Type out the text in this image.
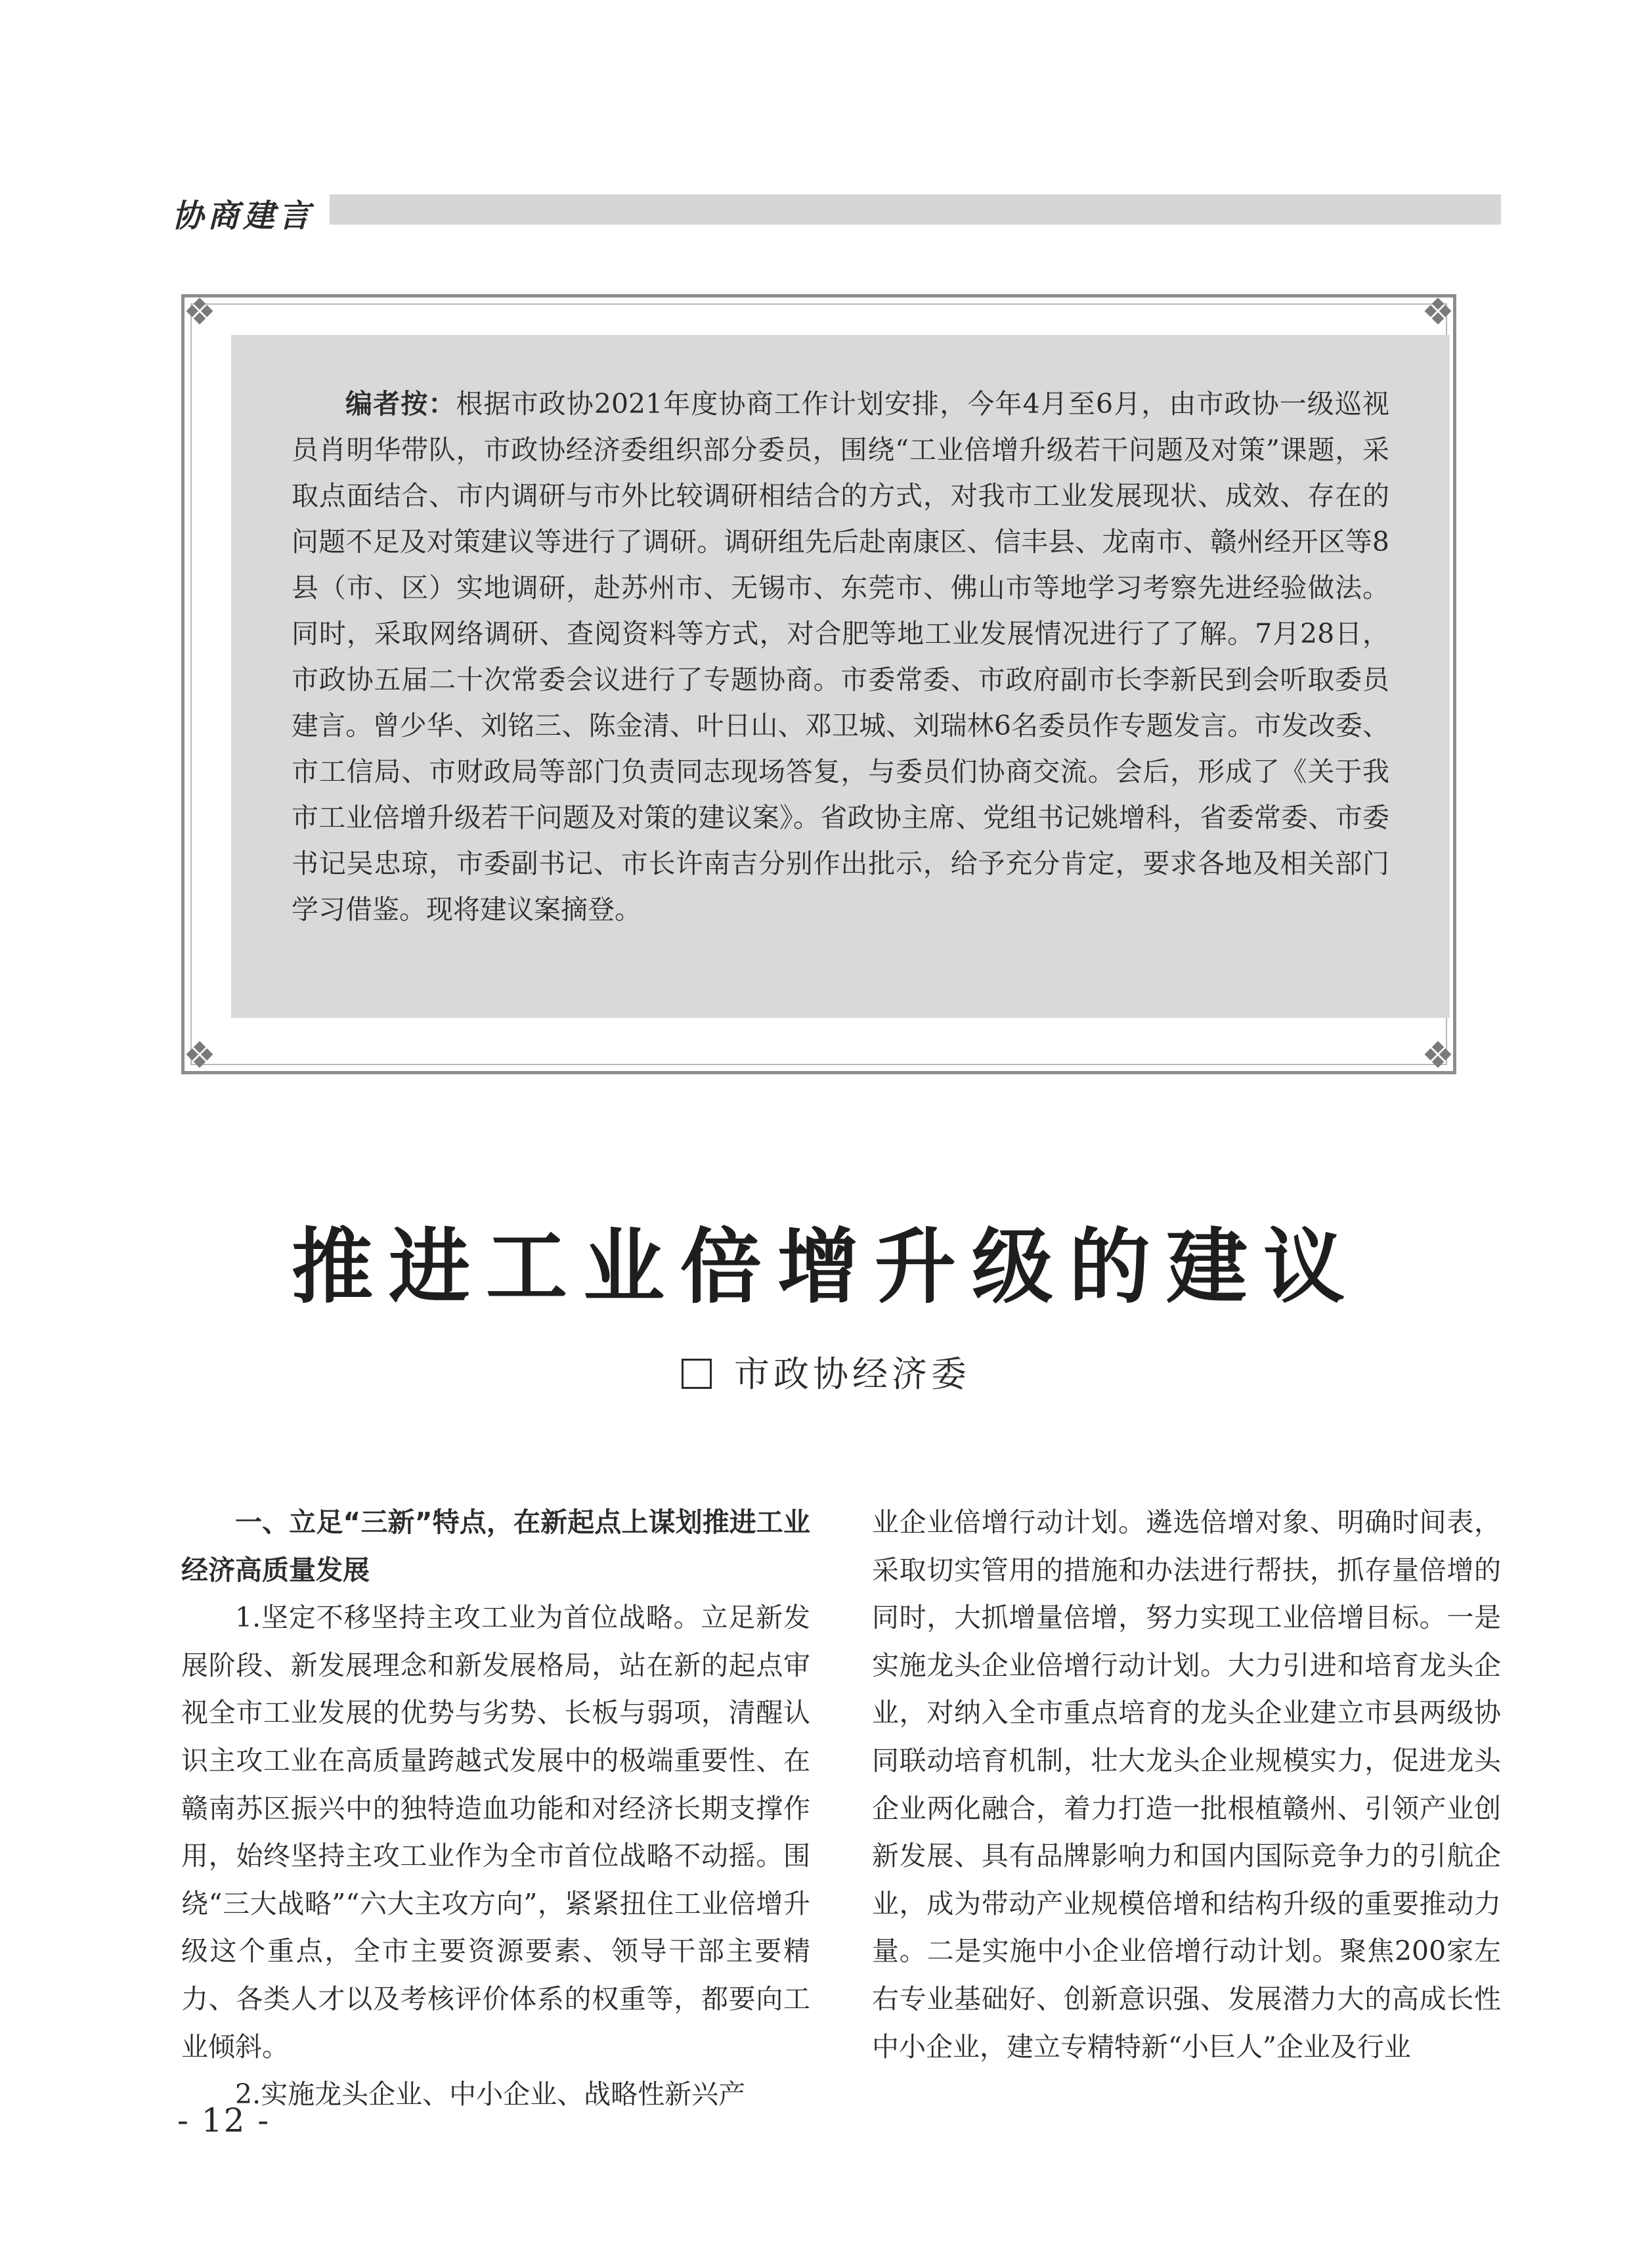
协商建言
❖	❖
❖	❖

编者按：根据市政协2021年度协商工作计划安排，今年4月至6月，由市政协一级巡视员肖明华带队，市政协经济委组织部分委员，围绕“工业倍增升级若干问题及对策”课题，采取点面结合、市内调研与市外比较调研相结合的方式，对我市工业发展现状、成效、存在的问题不足及对策建议等进行了调研。调研组先后赴南康区、信丰县、龙南市、赣州经开区等8县（市、区）实地调研，赴苏州市、无锡市、东莞市、佛山市等地学习考察先进经验做法。同时，采取网络调研、查阅资料等方式，对合肥等地工业发展情况进行了了解。7月28日，市政协五届二十次常委会议进行了专题协商。市委常委、市政府副市长李新民到会听取委员建言。曾少华、刘铭三、陈金清、叶日山、邓卫城、刘瑞林6名委员作专题发言。市发改委、市工信局、市财政局等部门负责同志现场答复，与委员们协商交流。会后，形成了《关于我市工业倍增升级若干问题及对策的建议案》。省政协主席、党组书记姚增科，省委常委、市委书记吴忠琼，市委副书记、市长许南吉分别作出批示，给予充分肯定，要求各地及相关部门学习借鉴。现将建议案摘登。

推进工业倍增升级的建议
市政协经济委

一、立足“三新”特点，在新起点上谋划推进工业经济高质量发展

1.坚定不移坚持主攻工业为首位战略。立足新发展阶段、新发展理念和新发展格局，站在新的起点审视全市工业发展的优势与劣势、长板与弱项，清醒认识主攻工业在高质量跨越式发展中的极端重要性、在赣南苏区振兴中的独特造血功能和对经济长期支撑作用，始终坚持主攻工业作为全市首位战略不动摇。围绕“三大战略”“六大主攻方向”，紧紧扭住工业倍增升级这个重点，全市主要资源要素、领导干部主要精力、各类人才以及考核评价体系的权重等，都要向工业倾斜。

2.实施龙头企业、中小企业、战略性新兴产

业企业倍增行动计划。遴选倍增对象、明确时间表，采取切实管用的措施和办法进行帮扶，抓存量倍增的同时，大抓增量倍增，努力实现工业倍增目标。一是实施龙头企业倍增行动计划。大力引进和培育龙头企业，对纳入全市重点培育的龙头企业建立市县两级协同联动培育机制，壮大龙头企业规模实力，促进龙头企业两化融合，着力打造一批根植赣州、引领产业创新发展、具有品牌影响力和国内国际竞争力的引航企业，成为带动产业规模倍增和结构升级的重要推动力量。二是实施中小企业倍增行动计划。聚焦200家左右专业基础好、创新意识强、发展潜力大的高成长性中小企业，建立专精特新“小巨人”企业及行业

- 12 -
